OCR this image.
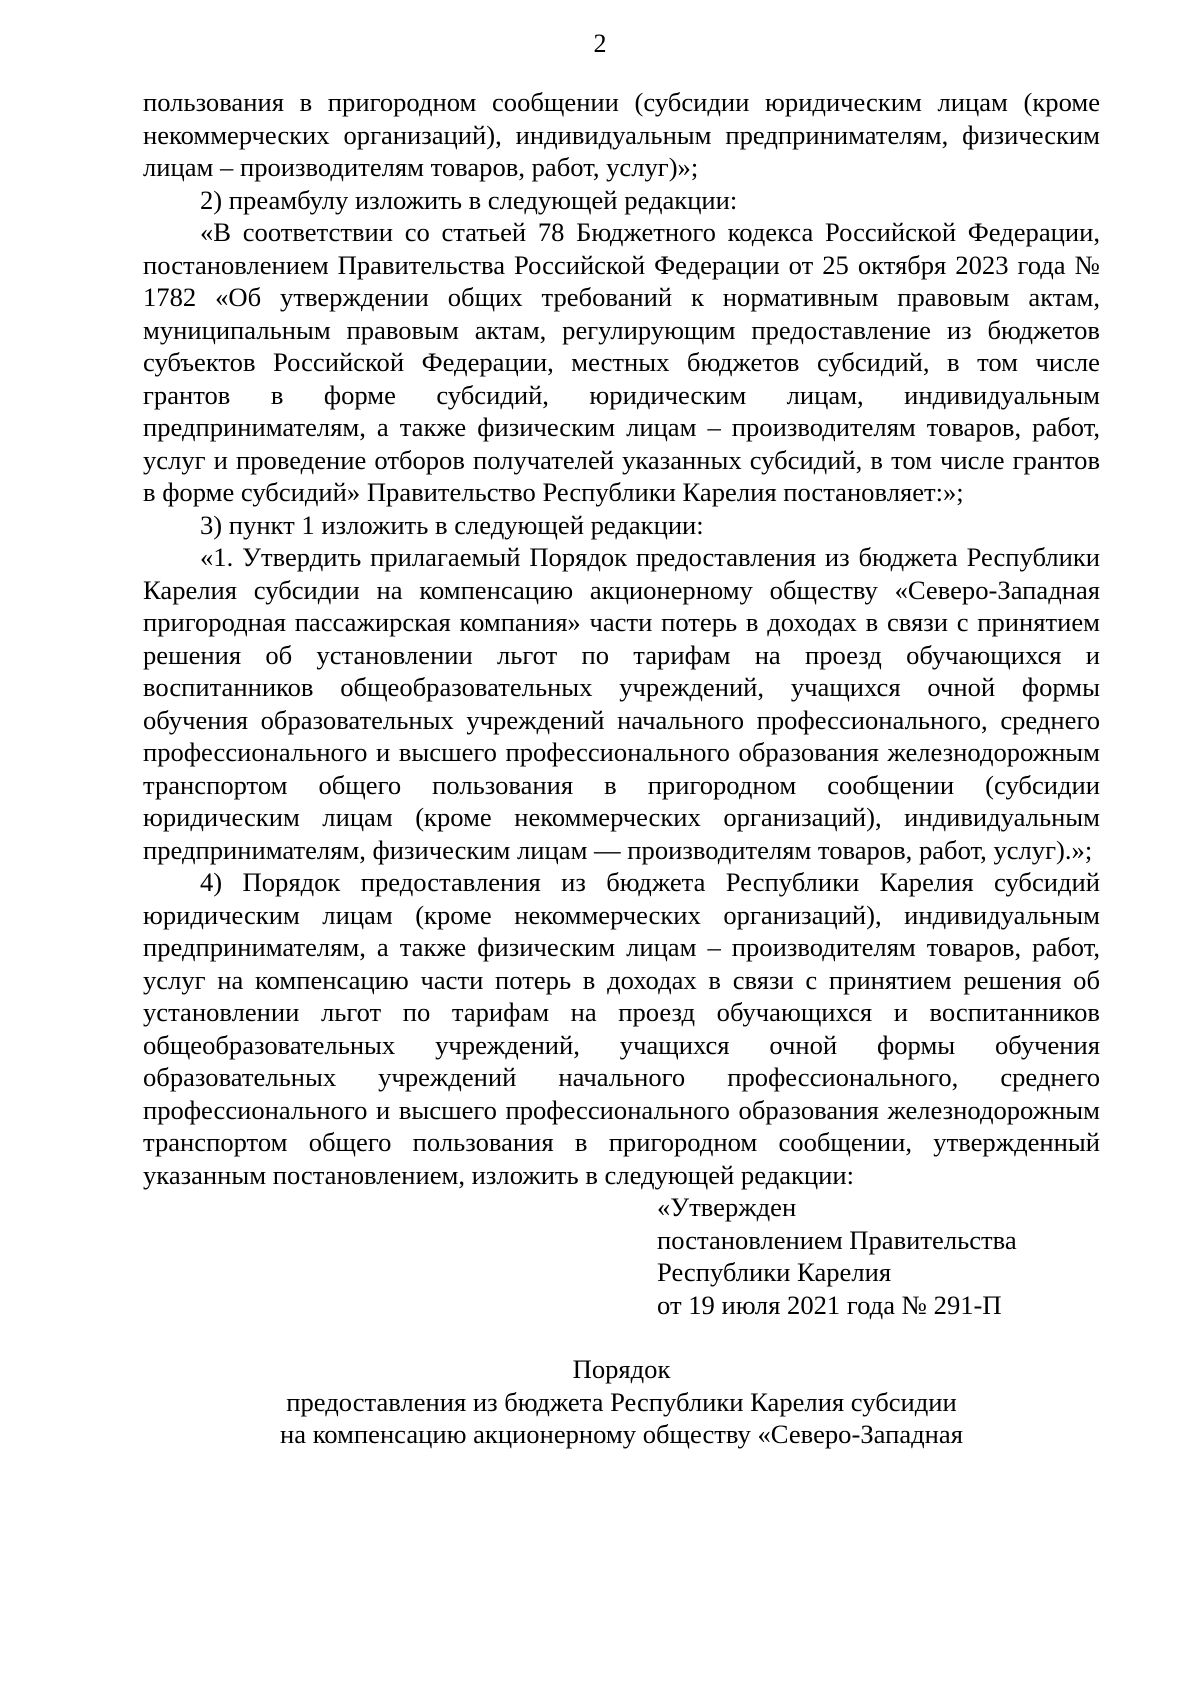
2

пользования в пригородном сообщении (субсидии юридическим лицам (кроме некоммерческих организаций), индивидуальным предпринимателям, физическим лицам – производителям товаров, работ, услуг)»;

2) преамбулу изложить в следующей редакции:

«В соответствии со статьей 78 Бюджетного кодекса Российской Федерации, постановлением Правительства Российской Федерации от 25 октября 2023 года № 1782 «Об утверждении общих требований к нормативным правовым актам, муниципальным правовым актам, регулирующим предоставление из бюджетов субъектов Российской Федерации, местных бюджетов субсидий, в том числе грантов в форме субсидий, юридическим лицам, индивидуальным предпринимателям, а также физическим лицам – производителям товаров, работ, услуг и проведение отборов получателей указанных субсидий, в том числе грантов в форме субсидий» Правительство Республики Карелия постановляет:»;

3) пункт 1 изложить в следующей редакции:

«1. Утвердить прилагаемый Порядок предоставления из бюджета Республики Карелия субсидии на компенсацию акционерному обществу «Северо-Западная пригородная пассажирская компания» части потерь в доходах в связи с принятием решения об установлении льгот по тарифам на проезд обучающихся и воспитанников общеобразовательных учреждений, учащихся очной формы обучения образовательных учреждений начального профессионального, среднего профессионального и высшего профессионального образования железнодорожным транспортом общего пользования в пригородном сообщении (субсидии юридическим лицам (кроме некоммерческих организаций), индивидуальным предпринимателям, физическим лицам — производителям товаров, работ, услуг).»;

4) Порядок предоставления из бюджета Республики Карелия субсидий юридическим лицам (кроме некоммерческих организаций), индивидуальным предпринимателям, а также физическим лицам – производителям товаров, работ, услуг на компенсацию части потерь в доходах в связи с принятием решения об установлении льгот по тарифам на проезд обучающихся и воспитанников общеобразовательных учреждений, учащихся очной формы обучения образовательных учреждений начального профессионального, среднего профессионального и высшего профессионального образования железнодорожным транспортом общего пользования в пригородном сообщении, утвержденный указанным постановлением, изложить в следующей редакции:

«Утвержден
постановлением Правительства
Республики Карелия
от 19 июля 2021 года № 291-П
Порядок
предоставления из бюджета Республики Карелия субсидии
на компенсацию акционерному обществу «Северо-Западная
